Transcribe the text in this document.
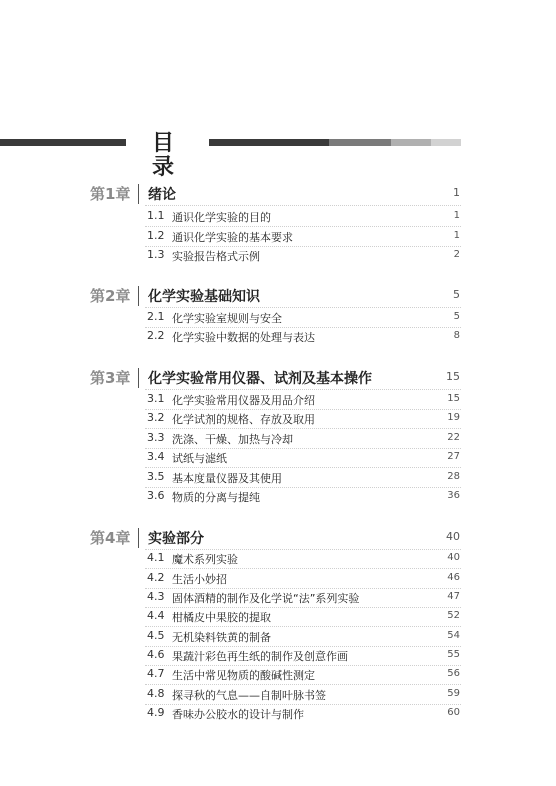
目 录
第1章	绪论	1
1.1 通识化学实验的目的	1
1.2 通识化学实验的基本要求	1
1.3 实验报告格式示例	2
第2章	化学实验基础知识	5
2.1 化学实验室规则与安全	5
2.2 化学实验中数据的处理与表达	8
第3章	化学实验常用仪器、试剂及基本操作	15
3.1 化学实验常用仪器及用品介绍	15
3.2 化学试剂的规格、存放及取用	19
3.3 洗涤、干燥、加热与冷却	22
3.4 试纸与滤纸	27
3.5 基本度量仪器及其使用	28
3.6 物质的分离与提纯	36
第4章	实验部分	40
4.1 魔术系列实验	40
4.2 生活小妙招	46
4.3 固体酒精的制作及化学说“法”系列实验	47
4.4 柑橘皮中果胶的提取	52
4.5 无机染料铁黄的制备	54
4.6 果蔬汁彩色再生纸的制作及创意作画	55
4.7 生活中常见物质的酸碱性测定	56
4.8 探寻秋的气息——自制叶脉书签	59
4.9 香味办公胶水的设计与制作	60
